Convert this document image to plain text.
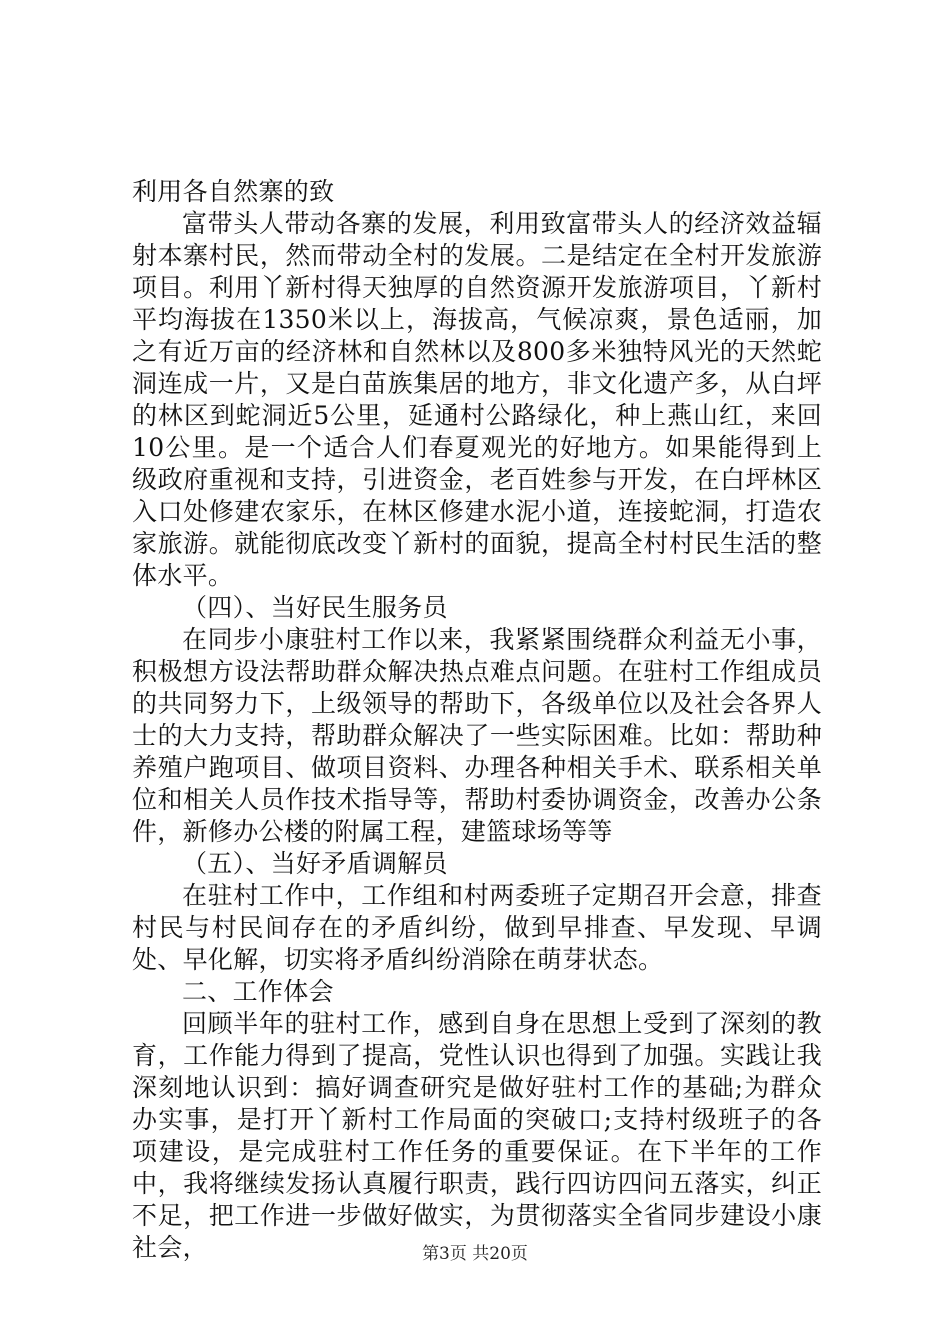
利用各自然寨的致

富带头人带动各寨的发展，利用致富带头人的经济效益辐射本寨村民，然而带动全村的发展。二是结定在全村开发旅游项目。利用丫新村得天独厚的自然资源开发旅游项目，丫新村平均海拔在1350米以上，海拔高，气候凉爽，景色适丽，加之有近万亩的经济林和自然林以及800多米独特风光的天然蛇洞连成一片，又是白苗族集居的地方，非文化遗产多，从白坪的林区到蛇洞近5公里，延通村公路绿化，种上燕山红，来回10公里。是一个适合人们春夏观光的好地方。如果能得到上级政府重视和支持，引进资金，老百姓参与开发，在白坪林区入口处修建农家乐，在林区修建水泥小道，连接蛇洞，打造农家旅游。就能彻底改变丫新村的面貌，提高全村村民生活的整体水平。

（四）、当好民生服务员

在同步小康驻村工作以来，我紧紧围绕群众利益无小事，积极想方设法帮助群众解决热点难点问题。在驻村工作组成员的共同努力下，上级领导的帮助下，各级单位以及社会各界人士的大力支持，帮助群众解决了一些实际困难。比如：帮助种养殖户跑项目、做项目资料、办理各种相关手术、联系相关单位和相关人员作技术指导等，帮助村委协调资金，改善办公条件，新修办公楼的附属工程，建篮球场等等

（五）、当好矛盾调解员

在驻村工作中，工作组和村两委班子定期召开会意，排查村民与村民间存在的矛盾纠纷，做到早排查、早发现、早调处、早化解，切实将矛盾纠纷消除在萌芽状态。

二、工作体会

回顾半年的驻村工作，感到自身在思想上受到了深刻的教育，工作能力得到了提高，党性认识也得到了加强。实践让我深刻地认识到：搞好调查研究是做好驻村工作的基础;为群众办实事，是打开丫新村工作局面的突破口;支持村级班子的各项建设，是完成驻村工作任务的重要保证。在下半年的工作中，我将继续发扬认真履行职责，践行四访四问五落实，纠正不足，把工作进一步做好做实，为贯彻落实全省同步建设小康社会，	第3页 共20页
